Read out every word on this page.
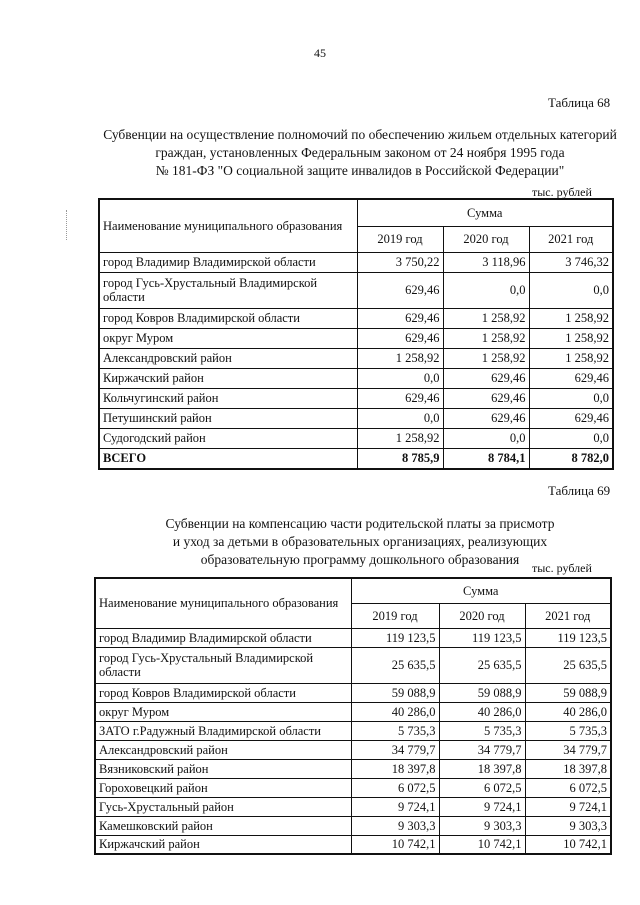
45
Таблица 68
Субвенции на осуществление полномочий по обеспечению жильем отдельных категорий
граждан, установленных Федеральным законом от 24 ноября 1995 года
№ 181-ФЗ "О социальной защите инвалидов в Российской Федерации"
тыс. рублей
Наименование муниципального образования	Сумма		
	2019 год	2020 год	2021 год
город Владимир Владимирской области	3 750,22	3 118,96	3 746,32
город Гусь-Хрустальный Владимирской области	629,46	0,0	0,0
город Ковров Владимирской области	629,46	1 258,92	1 258,92
округ Муром	629,46	1 258,92	1 258,92
Александровский район	1 258,92	1 258,92	1 258,92
Киржачский район	0,0	629,46	629,46
Кольчугинский район	629,46	629,46	0,0
Петушинский район	0,0	629,46	629,46
Судогодский район	1 258,92	0,0	0,0
ВСЕГО	8 785,9	8 784,1	8 782,0
Таблица 69
Субвенции на компенсацию части родительской платы за присмотр
и уход за детьми в образовательных организациях, реализующих
образовательную программу дошкольного образования
тыс. рублей
Наименование муниципального образования	Сумма		
	2019 год	2020 год	2021 год
город Владимир Владимирской области	119 123,5	119 123,5	119 123,5
город Гусь-Хрустальный Владимирской области	25 635,5	25 635,5	25 635,5
город Ковров Владимирской области	59 088,9	59 088,9	59 088,9
округ Муром	40 286,0	40 286,0	40 286,0
ЗАТО г.Радужный Владимирской области	5 735,3	5 735,3	5 735,3
Александровский район	34 779,7	34 779,7	34 779,7
Вязниковский район	18 397,8	18 397,8	18 397,8
Гороховецкий район	6 072,5	6 072,5	6 072,5
Гусь-Хрустальный район	9 724,1	9 724,1	9 724,1
Камешковский район	9 303,3	9 303,3	9 303,3
Киржачский район	10 742,1	10 742,1	10 742,1
